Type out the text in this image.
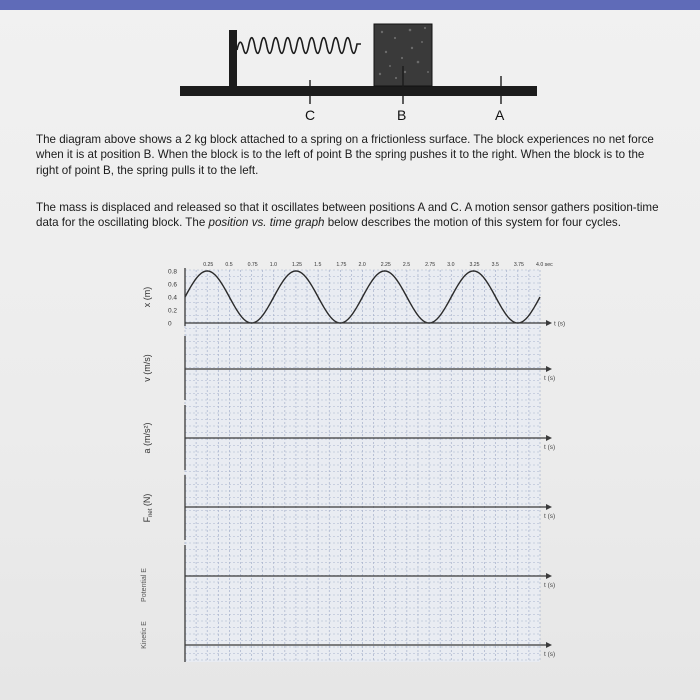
C	B	A

The diagram above shows a 2 kg block attached to a spring on a frictionless surface. The block experiences no net force when it is at position B. When the block is to the left of point B the spring pushes it to the right. When the block is to the right of point B, the spring pulls it to the left.

The mass is displaced and released so that it oscillates between positions A and C. A motion sensor gathers position-time data for the oscillating block. The position vs. time graph below describes the motion of this system for four cycles.

0.25 0.5	0.75 1.0	1.25 1.5	1.75 2.0	2.25 2.5	2.75 3.0	3.25 3.5	3.75 4.0 sec
0.8
0.6
0.4
0.2
0	t (s)
t (s)
t (s)
t (s)
t (s)
t (s)
x (m)
v (m/s)
a (m/s²)
$F_{net}$ (N)
Kinetic E
Potential E
